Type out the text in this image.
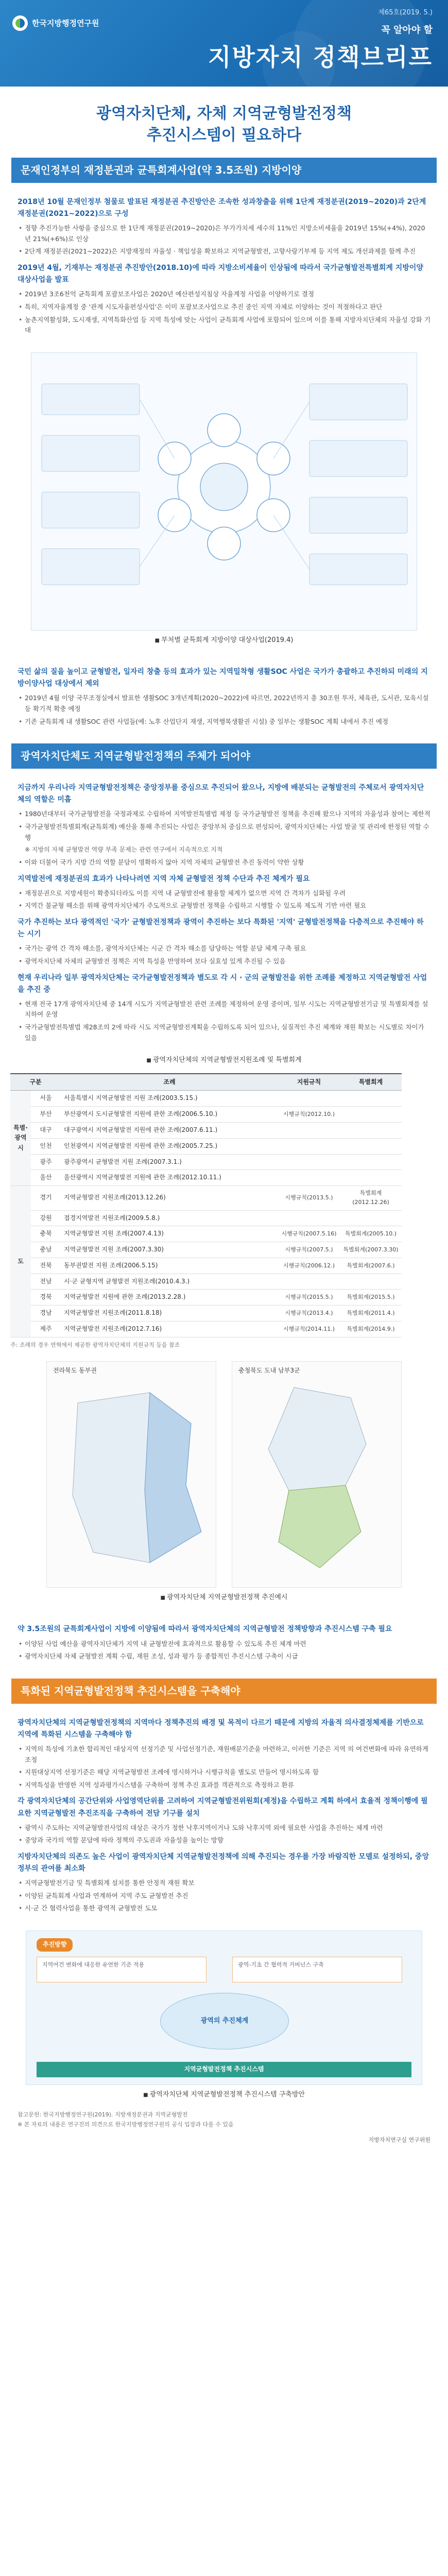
한국지방행정연구원
제65호(2019. 5.)
꼭 알아야 할
지방자치 정책브리프
광역자치단체, 자체 지역균형발전정책
추진시스템이 필요하다
문재인정부의 재정분권과 균특회계사업(약 3.5조원) 지방이양
2018년 10월 문재인정부 첨물로 발표된 재정분권 추진방안은 조속한 성과창출을 위해 1단계 재정분권(2019~2020)과 2단계 재정분권(2021~2022)으로 구성
• 정향 추진가능한 사항을 중심으로 한 1단계 재정분권(2019~2020)은 부가가치세 세수의 11%인 지방소비세율을 2019년 15%(+4%), 2020년 21%(+6%)로 인상
• 2단계 재정분권(2021~2022)은 지방재정의 자율성 · 책임성을 확보하고 지역균형발전, 고향사랑기부제 등 지역 제도 개선과제를 함께 추진
2019년 4월, 기재부는 재정분권 추진방안(2018.10)에 따라 지방소비세율이 인상됨에 따라서 국가균형발전특별회계 지방이양 대상사업을 발표
• 2019년 3조6천억 균특회계 포괄보조사업은 2020년 예산편성지침상 자율계정 사업을 이양하기로 결정
• 특히, 지역자율계정 중 '관계 시도자율편성사업'은 이미 포괄보조사업으로 추진 중인 지역 자체로 이양하는 것이 적절하다고 판단
• 농촌지역활성화, 도시재생, 지역특화산업 등 지역 특성에 맞는 사업이 균특회계 사업에 포함되어 있으며 이를 통해 지방자치단체의 자율성 강화 기대
■ 부처별 균특회계 지방이양 대상사업(2019.4)
국민 삶의 질을 높이고 균형발전, 일자리 창출 등의 효과가 있는 지역밀착형 생활SOC 사업은 국가가 총괄하고 추진하되 미래의 지방이양사업 대상에서 제외
• 2019년 4월 이양 국무조정실에서 발표한 생활SOC 3개년계획(2020~2022)에 따르면, 2022년까지 총 30조원 투자, 체육관, 도서관, 모육시설 등 확기적 확충 예정
• 기존 균특회계 내 생활SOC 관련 사업들(예: 노후 산업단지 재생, 지역행복생활권 시설) 중 일부는 생활SOC 계획 내에서 추진 예정
광역자치단체도 지역균형발전정책의 주체가 되어야
지금까지 우리나라 지역균형발전정책은 중앙정부를 중심으로 추진되어 왔으나, 지방에 배분되는 균형발전의 주체로서 광역자치단체의 역할은 미흡
• 1980년대부터 국가균형발전을 국정과제로 수립하여 지역발전특별법 제정 등 국가균형발전 정책을 추진해 왔으나 지역의 자율성과 참여는 제한적
• 국가균형발전특별회계(균특회계) 예산을 통해 추진되는 사업은 중앙부처 중심으로 편성되어, 광역자치단체는 사업 발굴 및 관리에 한정된 역할 수행
※ 지방의 자체 균형발전 역량 부족 문제는 관련 연구에서 지속적으로 지적
• 이와 더불어 국가 지방 간의 역할 분담이 명확하지 않아 지역 자체의 균형발전 추진 동력이 약한 상황
지역발전에 재정분권의 효과가 나타나려면 지역 자체 균형발전 정책 수단과 추진 체계가 필요
• 재정분권으로 지방세원이 확충되더라도 이를 지역 내 균형발전에 활용할 체계가 없으면 지역 간 격차가 심화될 우려
• 지역간 불균형 해소를 위해 광역자치단체가 주도적으로 균형발전 정책을 수립하고 시행할 수 있도록 제도적 기반 마련 필요
국가 추진하는 보다 광역적인 '국가' 균형발전정책과 광역이 추진하는 보다 특화된 '지역' 균형발전정책을 다층적으로 추진해야 하는 시기
• 국가는 광역 간 격차 해소를, 광역자치단체는 시군 간 격차 해소를 담당하는 역할 분담 체계 구축 필요
• 광역자치단체 자체의 균형발전 정책은 지역 특성을 반영하여 보다 실효성 있게 추진될 수 있음
현재 우리나라 일부 광역자치단체는 국가균형발전정책과 별도로 각 시 · 군의 균형발전을 위한 조례를 제정하고 지역균형발전 사업을 추진 중
• 현재 전국 17개 광역자치단체 중 14개 시도가 지역균형발전 관련 조례를 제정하여 운영 중이며, 일부 시도는 지역균형발전기금 및 특별회계를 설치하여 운영
• 국가균형발전특별법 제28조의 2에 따라 시도 지역균형발전계획을 수립하도록 되어 있으나, 실질적인 추진 체계와 재원 확보는 시도별로 차이가 있음
■ 광역자치단체의 지역균형발전지원조례 및 특별회계
구분		조례	지원규칙	특별회계
특별·광역시	서울	서울특별시 지역균형발전 지원 조례(2003.5.15.)		
	부산	부산광역시 도시균형발전 지원에 관한 조례(2006.5.10.)	시행규칙(2012.10.)	
	대구	대구광역시 지역균형발전 지원에 관한 조례(2007.6.11.)		
	인천	인천광역시 지역균형발전 지원에 관한 조례(2005.7.25.)		
	광주	광주광역시 균형발전 지원 조례(2007.3.1.)		
	울산	울산광역시 지역균형발전 지원에 관한 조례(2012.10.11.)		
도	경기	지역균형발전 지원조례(2013.12.26)	시행규칙(2013.5.)	특별회계(2012.12.26)
	강원	접경지역발전 지원조례(2009.5.8.)		
	충북	지역균형발전 지원 조례(2007.4.13)	시행규칙(2007.5.16)	특별회계(2005.10.)
	충남	지역균형발전 지원 조례(2007.3.30)	시행규칙(2007.5.)	특별회계(2007.3.30)
	전북	동부권발전 지원 조례(2006.5.15)	시행규칙(2006.12.)	특별회계(2007.6.)
	전남	시·군 균형지역 균형발전 지원조례(2010.4.3.)		
	경북	지역균형발전 지원에 관한 조례(2013.2.28.)	시행규칙(2015.5.)	특별회계(2015.5.)
	경남	지역균형발전 지원조례(2011.8.18)	시행규칙(2013.4.)	특별회계(2011.4.)
	제주	지역균형발전 지원조례(2012.7.16)	시행규칙(2014.11.)	특별회계(2014.9.)
주: 조례의 경우 연혁에서 제공한 광역자치단체의 지원규칙 등을 참조
전라북도 동부권	충청북도 도내 남부3군
■ 광역자치단체 지역균형발전정책 추진예시
약 3.5조원의 균특회계사업이 지방에 이양됨에 따라서 광역자치단체의 지역균형발전 정책방향과 추진시스템 구축 필요
• 이양된 사업 예산을 광역자치단체가 지역 내 균형발전에 효과적으로 활용할 수 있도록 추진 체계 마련
• 광역자치단체 자체 균형발전 계획 수립, 재원 조성, 성과 평가 등 종합적인 추진시스템 구축이 시급
특화된 지역균형발전정책 추진시스템을 구축해야
광역자치단체의 지역균형발전정책의 지역마다 정책추진의 배경 및 목적이 다르기 때문에 지방의 자율적 의사결정체제를 기반으로 지역에 특화된 시스템을 구축해야 함
• 지역의 특성에 기초한 합리적인 대상지역 선정기준 및 사업선정기준, 재원배분기준을 마련하고, 이러한 기준은 지역 의 여건변화에 따라 유연하게 조정
• 지원대상지역 선정기준은 해당 지역균형발전 조례에 명시하거나 시행규칙을 별도로 만들어 명시하도록 함
• 지역특성을 반영한 지역 성과평가시스템을 구축하여 정책 추진 효과를 객관적으로 측정하고 환류
각 광역자치단체의 공간단위와 사업영역단위를 고려하여 지역균형발전위원회(제정)을 수립하고 계획 하에서 효율적 정책이행에 필요한 지역균형발전 추진조직을 구축하여 전담 기구를 설치
• 광역시 주도하는 지역균형발전사업의 대상은 국가가 정한 낙후지역이거나 도와 낙후지역 외에 필요한 사업을 추진하는 체계 마련
• 중앙과 국가의 역할 분담에 따라 정책의 주도권과 자율성을 높이는 방향
지방자치단체의 의존도 높은 사업이 광역자치단체 지역균형발전정책에 의해 추진되는 경우를 가장 바람직한 모델로 설정하되, 중앙정부의 관여를 최소화
• 지역균형발전기금 및 특별회계 설치를 통한 안정적 재원 확보
• 이양된 균특회계 사업과 연계하여 지역 주도 균형발전 추진
• 시·군 간 협력사업을 통한 광역적 균형발전 도모
추진방향
지역여건 변화에 대응한 유연한 기준 적용	광역-기초 간 협력적 거버넌스 구축
광역의 추진체계
지역균형발전정책 추진시스템
■ 광역자치단체 지역균형발전정책 추진시스템 구축방안
참고문헌: 한국지방행정연구원(2019). 지방재정분권과 지역균형발전
※ 본 자료의 내용은 연구진의 의견으로 한국지방행정연구원의 공식 입장과 다를 수 있음
지방자치연구실 연구위원
